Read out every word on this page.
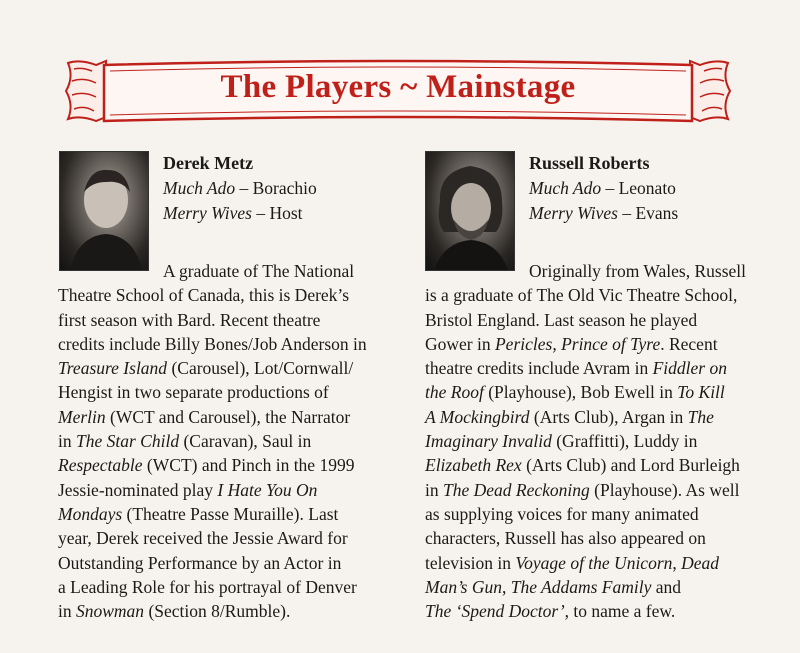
The Players ~ Mainstage
Derek Metz
Much Ado – Borachio
Merry Wives – Host
A graduate of The National
Theatre School of Canada, this is Derek’s
first season with Bard. Recent theatre
credits include Billy Bones/Job Anderson in
Treasure Island (Carousel), Lot/Cornwall/
Hengist in two separate productions of
Merlin (WCT and Carousel), the Narrator
in The Star Child (Caravan), Saul in
Respectable (WCT) and Pinch in the 1999
Jessie-nominated play I Hate You On
Mondays (Theatre Passe Muraille). Last
year, Derek received the Jessie Award for
Outstanding Performance by an Actor in
a Leading Role for his portrayal of Denver
in Snowman (Section 8/Rumble).
Russell Roberts
Much Ado – Leonato
Merry Wives – Evans
Originally from Wales, Russell
is a graduate of The Old Vic Theatre School,
Bristol England. Last season he played
Gower in Pericles, Prince of Tyre. Recent
theatre credits include Avram in Fiddler on
the Roof (Playhouse), Bob Ewell in To Kill
A Mockingbird (Arts Club), Argan in The
Imaginary Invalid (Graffitti), Luddy in
Elizabeth Rex (Arts Club) and Lord Burleigh
in The Dead Reckoning (Playhouse). As well
as supplying voices for many animated
characters, Russell has also appeared on
television in Voyage of the Unicorn, Dead
Man’s Gun, The Addams Family and
The ‘Spend Doctor’, to name a few.
